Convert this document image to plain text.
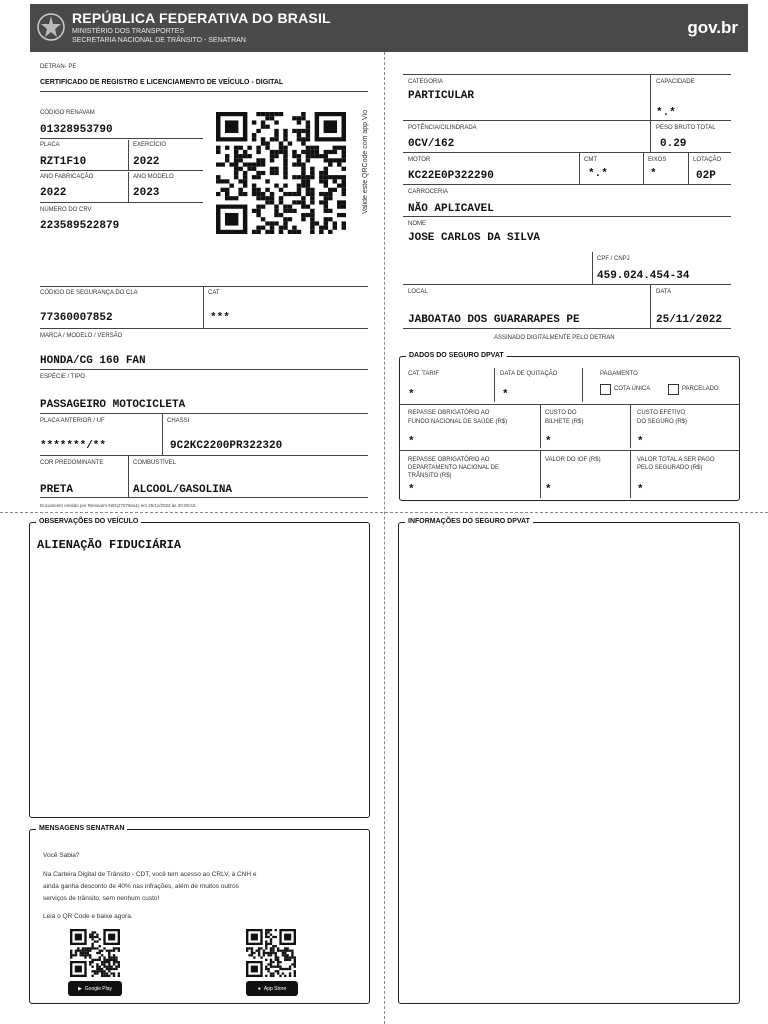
REPÚBLICA FEDERATIVA DO BRASIL
MINISTÉRIO DOS TRANSPORTES
SECRETARIA NACIONAL DE TRÂNSITO - SENATRAN
gov.br
DETRAN- PE
CERTIFICADO DE REGISTRO E LICENCIAMENTO DE VEÍCULO - DIGITAL
CÓDIGO RENAVAM
01328953790
PLACA
RZT1F10
EXERCÍCIO
2022
ANO FABRICAÇÃO
2022
ANO MODELO
2023
NÚMERO DO CRV
223589522879
Valide este QRCode com app Vio
CÓDIGO DE SEGURANÇA DO CLA
77360007852
CAT
***
MARCA / MODELO / VERSÃO
HONDA/CG 160 FAN
ESPÉCIE / TIPO
PASSAGEIRO MOTOCICLETA
PLACA ANTERIOR / UF
*******/**
CHASSI
9C2KC2200PR322320
COR PREDOMINANTE
PRETA
COMBUSTÍVEL
ALCOOL/GASOLINA
Documento emitido por Renavam-NIG(27078ea1) em 25/11/2022 às 20:05:52.
CATEGORIA
PARTICULAR
CAPACIDADE
*.*
POTÊNCIA/CILINDRADA
0CV/162
PESO BRUTO TOTAL
0.29
MOTOR
KC22E0P322290
CMT
*.*
EIXOS
*
LOTAÇÃO
02P
CARROCERIA
NÃO APLICAVEL
NOME
JOSE CARLOS DA SILVA
CPF / CNPJ
459.024.454-34
LOCAL
JABOATAO DOS GUARARAPES PE
DATA
25/11/2022
ASSINADO DIGITALMENTE PELO DETRAN
DADOS DO SEGURO DPVAT
CAT. TARIF
*
DATA DE QUITAÇÃO
*
PAGAMENTO
COTA ÚNICA	PARCELADO
REPASSE OBRIGATÓRIO AO
FUNDO NACIONAL DE SAÚDE (R$)
*
CUSTO DO
BILHETE (R$)
*
CUSTO EFETIVO
DO SEGURO (R$)
*
REPASSE OBRIGATÓRIO AO
DEPARTAMENTO NACIONAL DE
TRÂNSITO (R$)
*
VALOR DO IOF (R$)
*
VALOR TOTAL A SER PAGO
PELO SEGURADO (R$)
*
OBSERVAÇÕES DO VEÍCULO
ALIENAÇÃO FIDUCIÁRIA
INFORMAÇÕES DO SEGURO DPVAT
MENSAGENS SENATRAN
Você Sabia?
Na Carteira Digital de Trânsito - CDT, você tem acesso ao CRLV, à CNH e
ainda ganha desconto de 40% nas infrações, além de muitos outros
serviços de trânsito, sem nenhum custo!
Leia o QR Code e baixe agora.
▶ Google Play	● App Store
